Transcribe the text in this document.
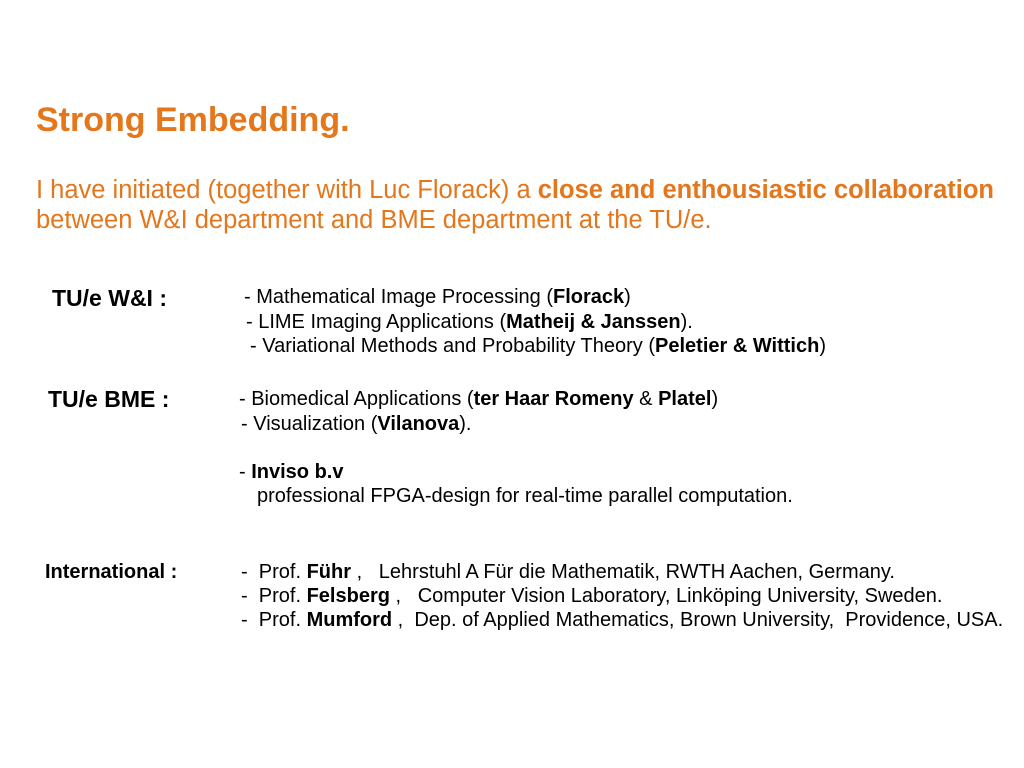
Strong Embedding.
I have initiated (together with Luc Florack) a close and enthousiastic collaboration
between W&I department and BME department at the TU/e.
TU/e W&I :	- Mathematical Image Processing ( Florack )
- LIME Imaging Applications ( Matheij & Janssen ).
- Variational Methods and Probability Theory ( Peletier & Wittich )
TU/e BME :	- Biomedical Applications ( ter Haar Romeny & Platel )
- Visualization ( Vilanova ).
- Inviso b.v
professional FPGA-design for real-time parallel computation.
International :	-  Prof. Führ ,   Lehrstuhl A Für die Mathematik, RWTH Aachen, Germany.
-  Prof. Felsberg ,   Computer Vision Laboratory, Linköping University, Sweden.
-  Prof. Mumford ,  Dep. of Applied Mathematics, Brown University,  Providence, USA.
